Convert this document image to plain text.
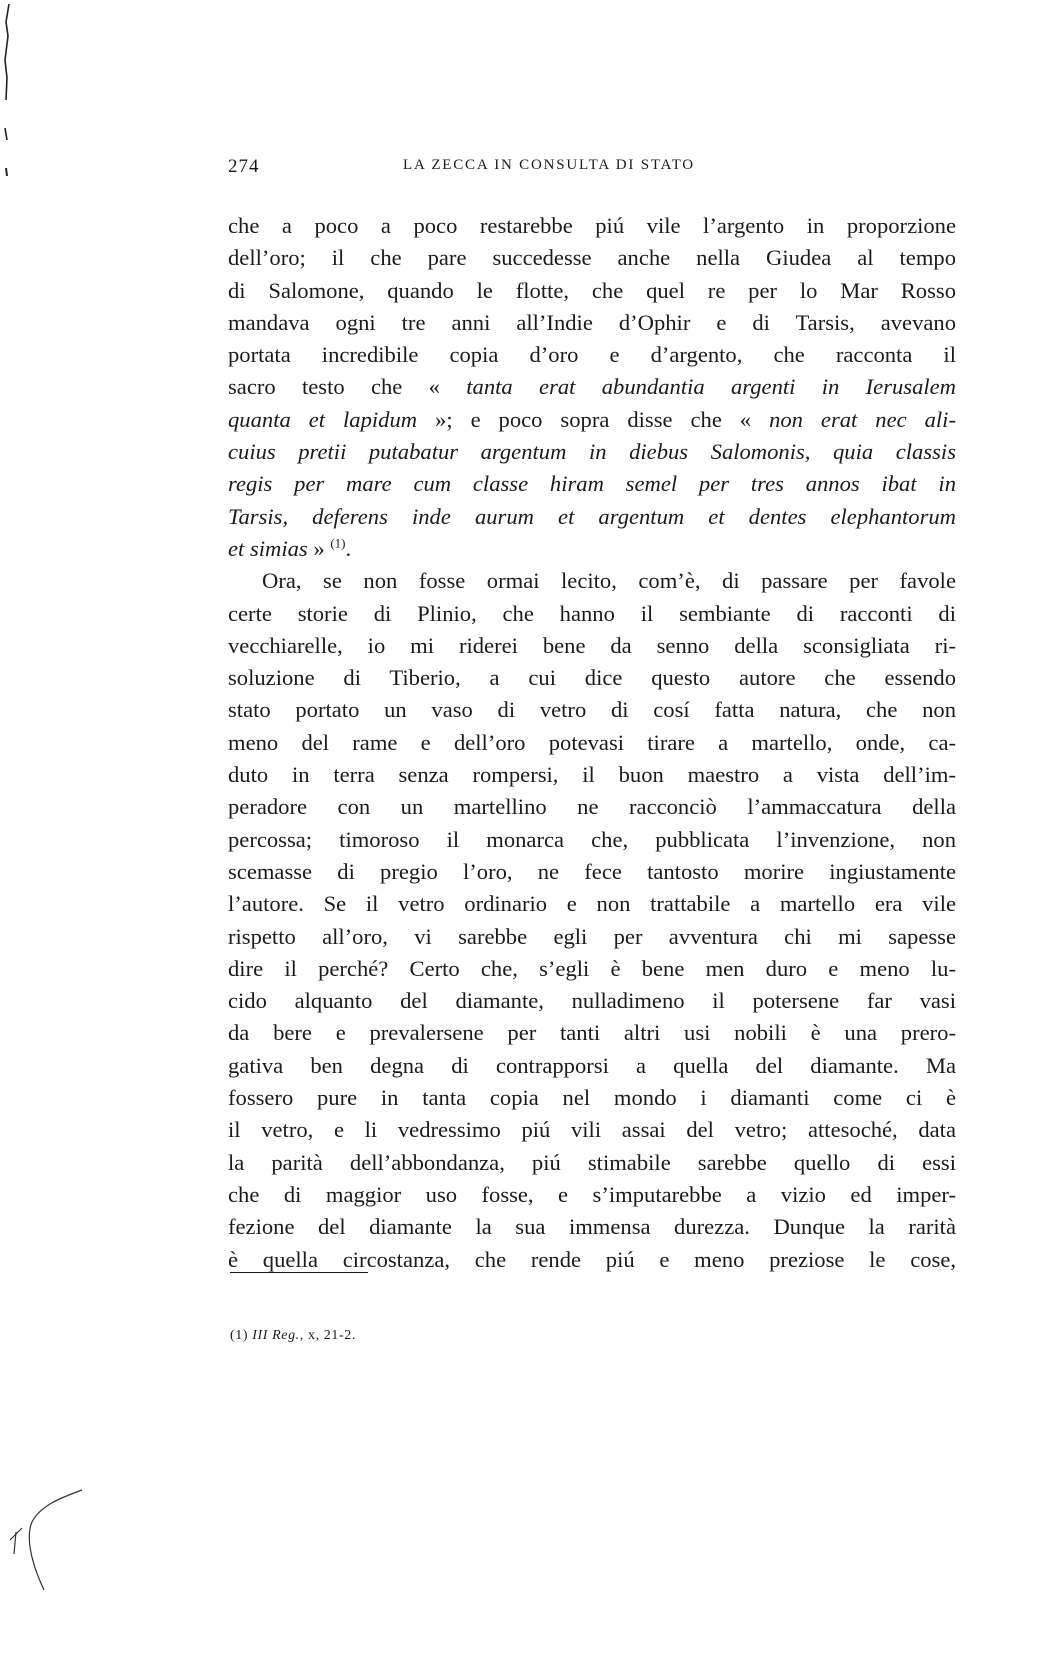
274	LA ZECCA IN CONSULTA DI STATO
che a poco a poco restarebbe piú vile l’argento in proporzione
dell’oro; il che pare succedesse anche nella Giudea al tempo
di Salomone, quando le flotte, che quel re per lo Mar Rosso
mandava ogni tre anni all’Indie d’Ophir e di Tarsis, avevano
portata incredibile copia d’oro e d’argento, che racconta il
sacro testo che « tanta erat abundantia argenti in Ierusalem
quanta et lapidum »; e poco sopra disse che « non erat nec ali-
cuius pretii putabatur argentum in diebus Salomonis, quia classis
regis per mare cum classe hiram semel per tres annos ibat in
Tarsis, deferens inde aurum et argentum et dentes elephantorum
et simias » $^{(1)}$.
Ora, se non fosse ormai lecito, com’è, di passare per favole
certe storie di Plinio, che hanno il sembiante di racconti di
vecchiarelle, io mi riderei bene da senno della sconsigliata ri-
soluzione di Tiberio, a cui dice questo autore che essendo
stato portato un vaso di vetro di cosí fatta natura, che non
meno del rame e dell’oro potevasi tirare a martello, onde, ca-
duto in terra senza rompersi, il buon maestro a vista dell’im-
peradore con un martellino ne racconciò l’ammaccatura della
percossa; timoroso il monarca che, pubblicata l’invenzione, non
scemasse di pregio l’oro, ne fece tantosto morire ingiustamente
l’autore. Se il vetro ordinario e non trattabile a martello era vile
rispetto all’oro, vi sarebbe egli per avventura chi mi sapesse
dire il perché? Certo che, s’egli è bene men duro e meno lu-
cido alquanto del diamante, nulladimeno il potersene far vasi
da bere e prevalersene per tanti altri usi nobili è una prero-
gativa ben degna di contrapporsi a quella del diamante. Ma
fossero pure in tanta copia nel mondo i diamanti come ci è
il vetro, e li vedressimo piú vili assai del vetro; attesoché, data
la parità dell’abbondanza, piú stimabile sarebbe quello di essi
che di maggior uso fosse, e s’imputarebbe a vizio ed imper-
fezione del diamante la sua immensa durezza. Dunque la rarità
è quella circostanza, che rende piú e meno preziose le cose,
(1) III Reg., x, 21-2.
